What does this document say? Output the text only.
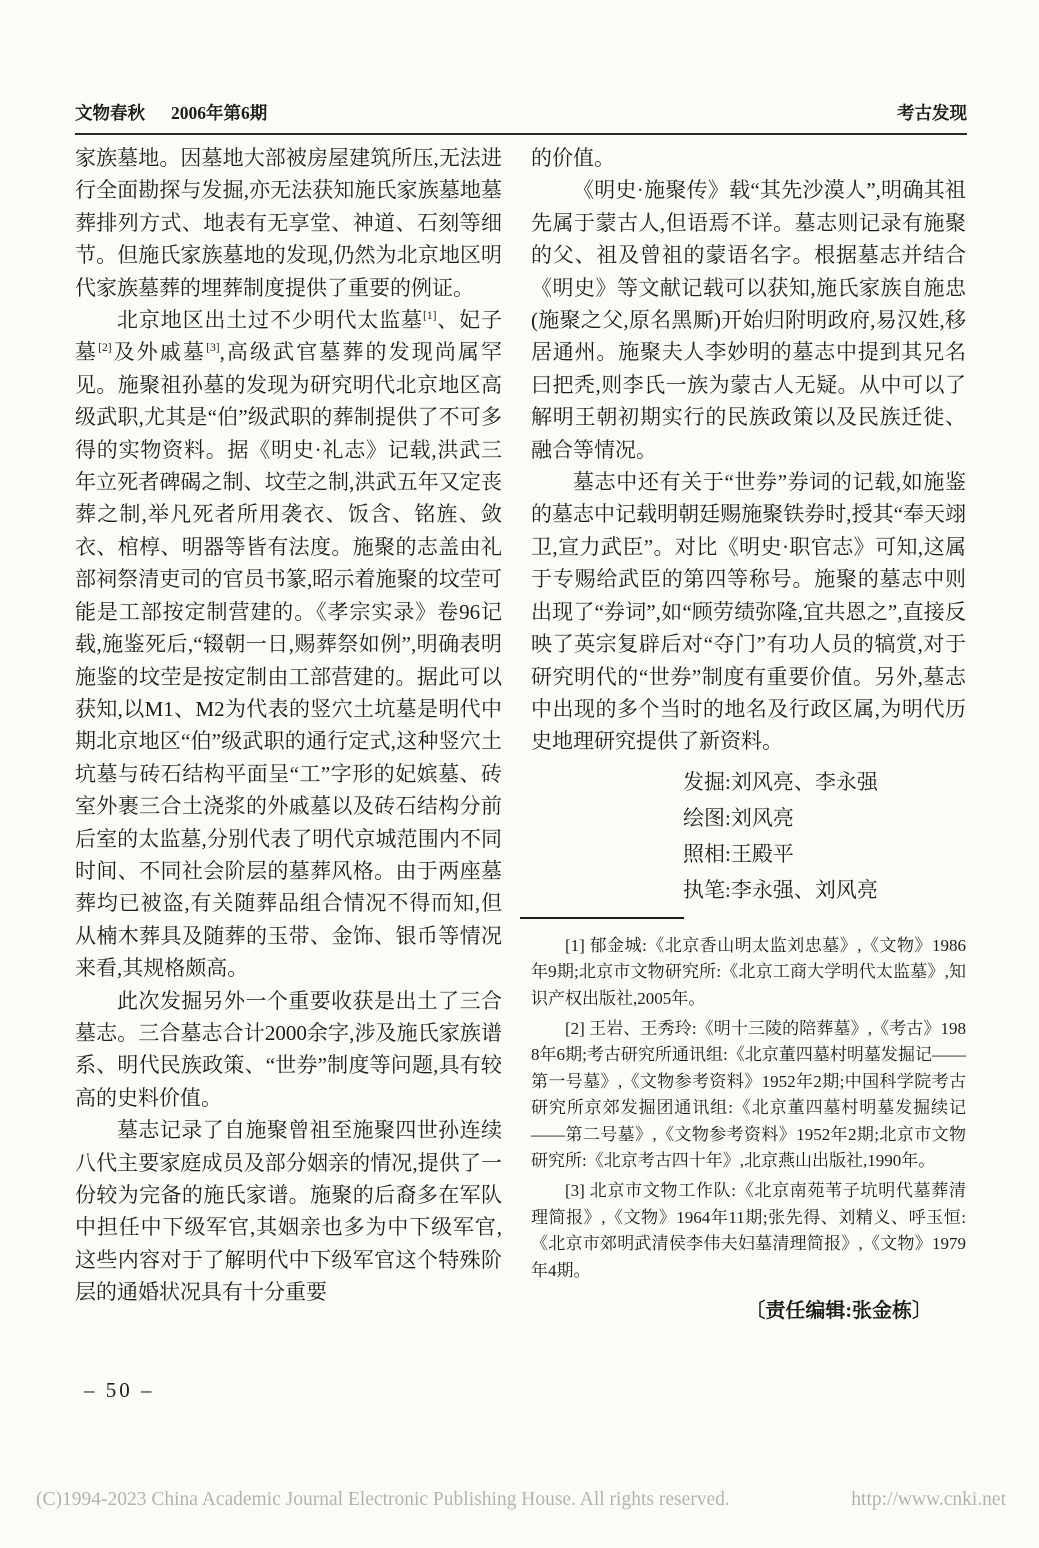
文物春秋 2006年第6期	考古发现

家族墓地。因墓地大部被房屋建筑所压,无法进行全面勘探与发掘,亦无法获知施氏家族墓地墓葬排列方式、地表有无享堂、神道、石刻等细节。但施氏家族墓地的发现,仍然为北京地区明代家族墓葬的埋葬制度提供了重要的例证。

北京地区出土过不少明代太监墓[1]、妃子墓[2]及外戚墓[3],高级武官墓葬的发现尚属罕见。施聚祖孙墓的发现为研究明代北京地区高级武职,尤其是“伯”级武职的葬制提供了不可多得的实物资料。据《明史·礼志》记载,洪武三年立死者碑碣之制、坟茔之制,洪武五年又定丧葬之制,举凡死者所用袭衣、饭含、铭旌、敛衣、棺椁、明器等皆有法度。施聚的志盖由礼部祠祭清吏司的官员书篆,昭示着施聚的坟茔可能是工部按定制营建的。《孝宗实录》卷96记载,施鉴死后,“辍朝一日,赐葬祭如例”,明确表明施鉴的坟茔是按定制由工部营建的。据此可以获知,以M1、M2为代表的竖穴土坑墓是明代中期北京地区“伯”级武职的通行定式,这种竖穴土坑墓与砖石结构平面呈“工”字形的妃嫔墓、砖室外裹三合土浇浆的外戚墓以及砖石结构分前后室的太监墓,分别代表了明代京城范围内不同时间、不同社会阶层的墓葬风格。由于两座墓葬均已被盗,有关随葬品组合情况不得而知,但从楠木葬具及随葬的玉带、金饰、银币等情况来看,其规格颇高。

此次发掘另外一个重要收获是出土了三合墓志。三合墓志合计2000余字,涉及施氏家族谱系、明代民族政策、“世券”制度等问题,具有较高的史料价值。

墓志记录了自施聚曾祖至施聚四世孙连续八代主要家庭成员及部分姻亲的情况,提供了一份较为完备的施氏家谱。施聚的后裔多在军队中担任中下级军官,其姻亲也多为中下级军官,这些内容对于了解明代中下级军官这个特殊阶层的通婚状况具有十分重要

的价值。

《明史·施聚传》载“其先沙漠人”,明确其祖先属于蒙古人,但语焉不详。墓志则记录有施聚的父、祖及曾祖的蒙语名字。根据墓志并结合《明史》等文献记载可以获知,施氏家族自施忠(施聚之父,原名黑厮)开始归附明政府,易汉姓,移居通州。施聚夫人李妙明的墓志中提到其兄名曰把秃,则李氏一族为蒙古人无疑。从中可以了解明王朝初期实行的民族政策以及民族迁徙、融合等情况。

墓志中还有关于“世券”券词的记载,如施鉴的墓志中记载明朝廷赐施聚铁券时,授其“奉天翊卫,宣力武臣”。对比《明史·职官志》可知,这属于专赐给武臣的第四等称号。施聚的墓志中则出现了“券词”,如“顾劳绩弥隆,宜共恩之”,直接反映了英宗复辟后对“夺门”有功人员的犒赏,对于研究明代的“世券”制度有重要价值。另外,墓志中出现的多个当时的地名及行政区属,为明代历史地理研究提供了新资料。

发掘:刘风亮、李永强
绘图:刘风亮
照相:王殿平
执笔:李永强、刘风亮

[1] 郁金城:《北京香山明太监刘忠墓》,《文物》1986年9期;北京市文物研究所:《北京工商大学明代太监墓》,知识产权出版社,2005年。

[2] 王岩、王秀玲:《明十三陵的陪葬墓》,《考古》1988年6期;考古研究所通讯组:《北京董四墓村明墓发掘记——第一号墓》,《文物参考资料》1952年2期;中国科学院考古研究所京郊发掘团通讯组:《北京董四墓村明墓发掘续记——第二号墓》,《文物参考资料》1952年2期;北京市文物研究所:《北京考古四十年》,北京燕山出版社,1990年。

[3] 北京市文物工作队:《北京南苑苇子坑明代墓葬清理简报》,《文物》1964年11期;张先得、刘精义、呼玉恒:《北京市郊明武清侯李伟夫妇墓清理简报》,《文物》1979年4期。

〔责任编辑:张金栋〕
– 50 –
(C)1994-2023 China Academic Journal Electronic Publishing House. All rights reserved.	http://www.cnki.net
